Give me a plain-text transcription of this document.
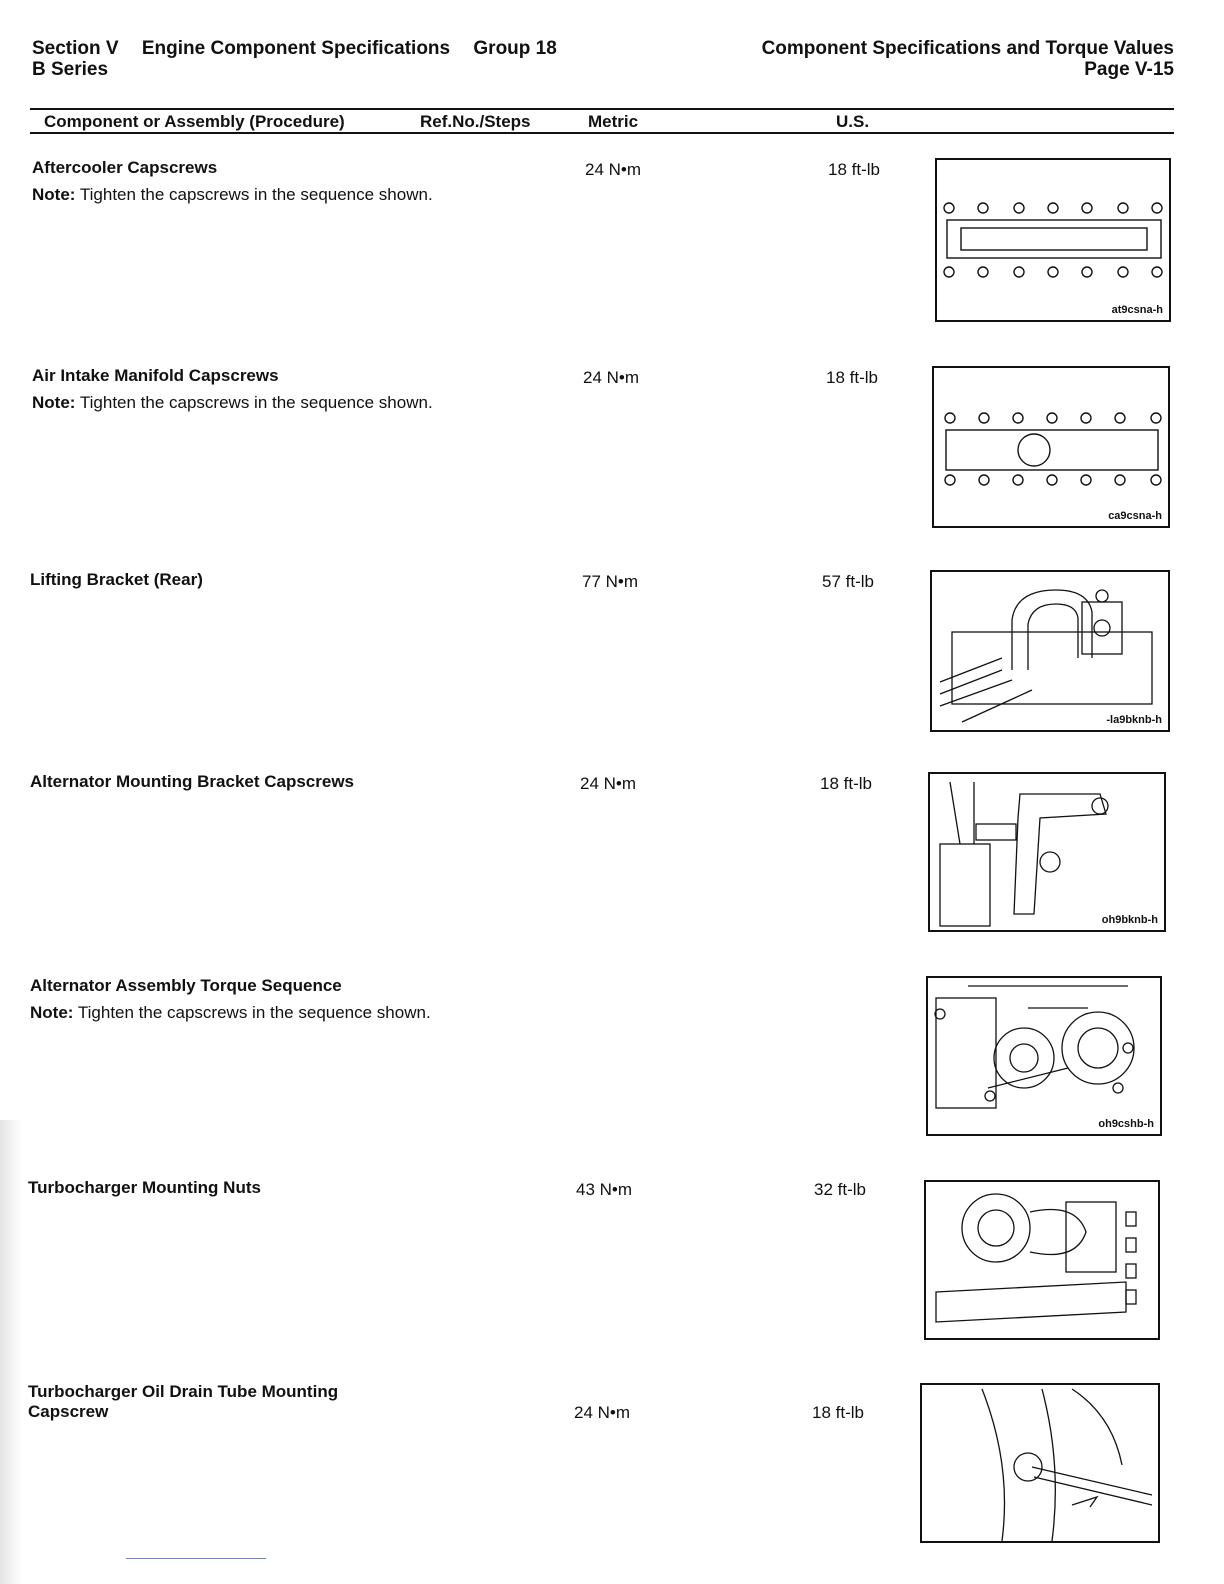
Section V Engine Component Specifications Group 18
B Series
Component Specifications and Torque Values
Page V-15
Component or Assembly (Procedure)	Ref.No./Steps	Metric	U.S.
Aftercooler Capscrews
Note: Tighten the capscrews in the sequence shown.
24 N•m	18 ft-lb
at9csna-h
Air Intake Manifold Capscrews
Note: Tighten the capscrews in the sequence shown.
24 N•m	18 ft-lb
ca9csna-h
Lifting Bracket (Rear)	77 N•m	57 ft-lb
-la9bknb-h
Alternator Mounting Bracket Capscrews	24 N•m	18 ft-lb
oh9bknb-h
Alternator Assembly Torque Sequence
Note: Tighten the capscrews in the sequence shown.
oh9cshb-h
Turbocharger Mounting Nuts	43 N•m	32 ft-lb
Turbocharger Oil Drain Tube Mounting
Capscrew	24 N•m	18 ft-lb
